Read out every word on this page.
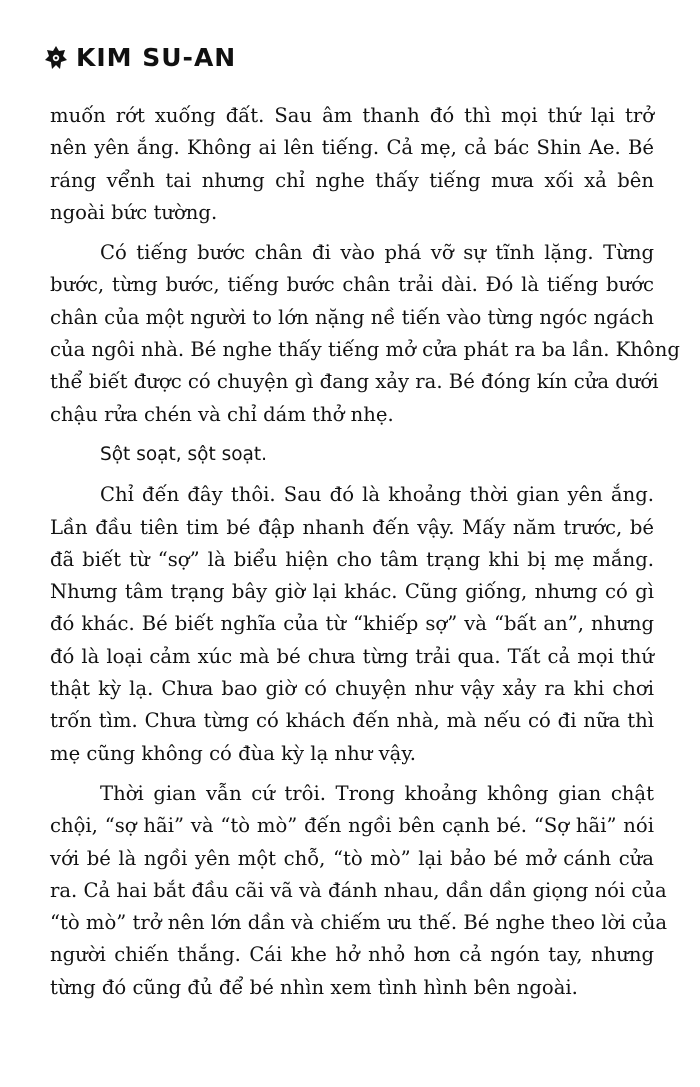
KIM SU-AN
muốn rớt xuống đất. Sau âm thanh đó thì mọi thứ lại trở
nên yên ắng. Không ai lên tiếng. Cả mẹ, cả bác Shin Ae. Bé
ráng vểnh tai nhưng chỉ nghe thấy tiếng mưa xối xả bên
ngoài bức tường.
Có tiếng bước chân đi vào phá vỡ sự tĩnh lặng. Từng
bước, từng bước, tiếng bước chân trải dài. Đó là tiếng bước
chân của một người to lớn nặng nề tiến vào từng ngóc ngách
của ngôi nhà. Bé nghe thấy tiếng mở cửa phát ra ba lần. Không
thể biết được có chuyện gì đang xảy ra. Bé đóng kín cửa dưới
chậu rửa chén và chỉ dám thở nhẹ.
Sột soạt, sột soạt.
Chỉ đến đây thôi. Sau đó là khoảng thời gian yên ắng.
Lần đầu tiên tim bé đập nhanh đến vậy. Mấy năm trước, bé
đã biết từ “sợ” là biểu hiện cho tâm trạng khi bị mẹ mắng.
Nhưng tâm trạng bây giờ lại khác. Cũng giống, nhưng có gì
đó khác. Bé biết nghĩa của từ “khiếp sợ” và “bất an”, nhưng
đó là loại cảm xúc mà bé chưa từng trải qua. Tất cả mọi thứ
thật kỳ lạ. Chưa bao giờ có chuyện như vậy xảy ra khi chơi
trốn tìm. Chưa từng có khách đến nhà, mà nếu có đi nữa thì
mẹ cũng không có đùa kỳ lạ như vậy.
Thời gian vẫn cứ trôi. Trong khoảng không gian chật
chội, “sợ hãi” và “tò mò” đến ngồi bên cạnh bé. “Sợ hãi” nói
với bé là ngồi yên một chỗ, “tò mò” lại bảo bé mở cánh cửa
ra. Cả hai bắt đầu cãi vã và đánh nhau, dần dần giọng nói của
“tò mò” trở nên lớn dần và chiếm ưu thế. Bé nghe theo lời của
người chiến thắng. Cái khe hở nhỏ hơn cả ngón tay, nhưng
từng đó cũng đủ để bé nhìn xem tình hình bên ngoài.
